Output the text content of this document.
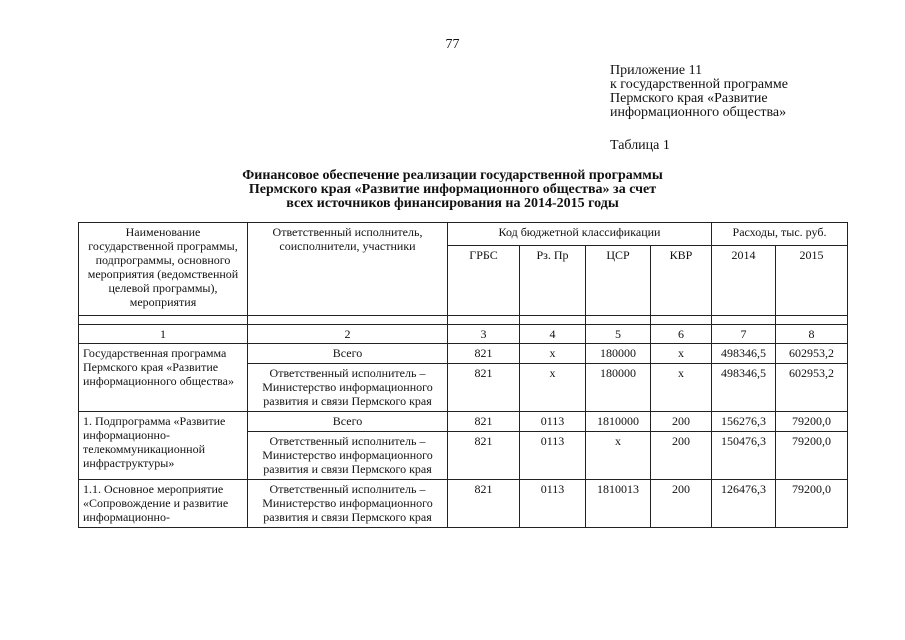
77
Приложение 11
к государственной программе
Пермского края «Развитие
информационного общества»
Таблица 1
Финансовое обеспечение реализации государственной программы
Пермского края «Развитие информационного общества» за счет
всех источников финансирования на 2014-2015 годы
Наименование государственной программы, подпрограммы, основного мероприятия (ведомственной целевой программы), мероприятия	Ответственный исполнитель, соисполнители, участники	Код бюджетной классификации				Расходы, тыс. руб.	
		ГРБС	Рз. Пр	ЦСР	КВР	2014	2015

1	2	3	4	5	6	7	8
Государственная программа Пермского края «Развитие информационного общества»	Всего	821	x	180000	x	498346,5	602953,2
	Ответственный исполнитель – Министерство информационного развития и связи Пермского края	821	x	180000	x	498346,5	602953,2
1. Подпрограмма «Развитие информационно-телекоммуникационной инфраструктуры»	Всего	821	0113	1810000	200	156276,3	79200,0
	Ответственный исполнитель – Министерство информационного развития и связи Пермского края	821	0113	x	200	150476,3	79200,0
1.1. Основное мероприятие «Сопровождение и развитие информационно-	Ответственный исполнитель – Министерство информационного развития и связи Пермского края	821	0113	1810013	200	126476,3	79200,0
